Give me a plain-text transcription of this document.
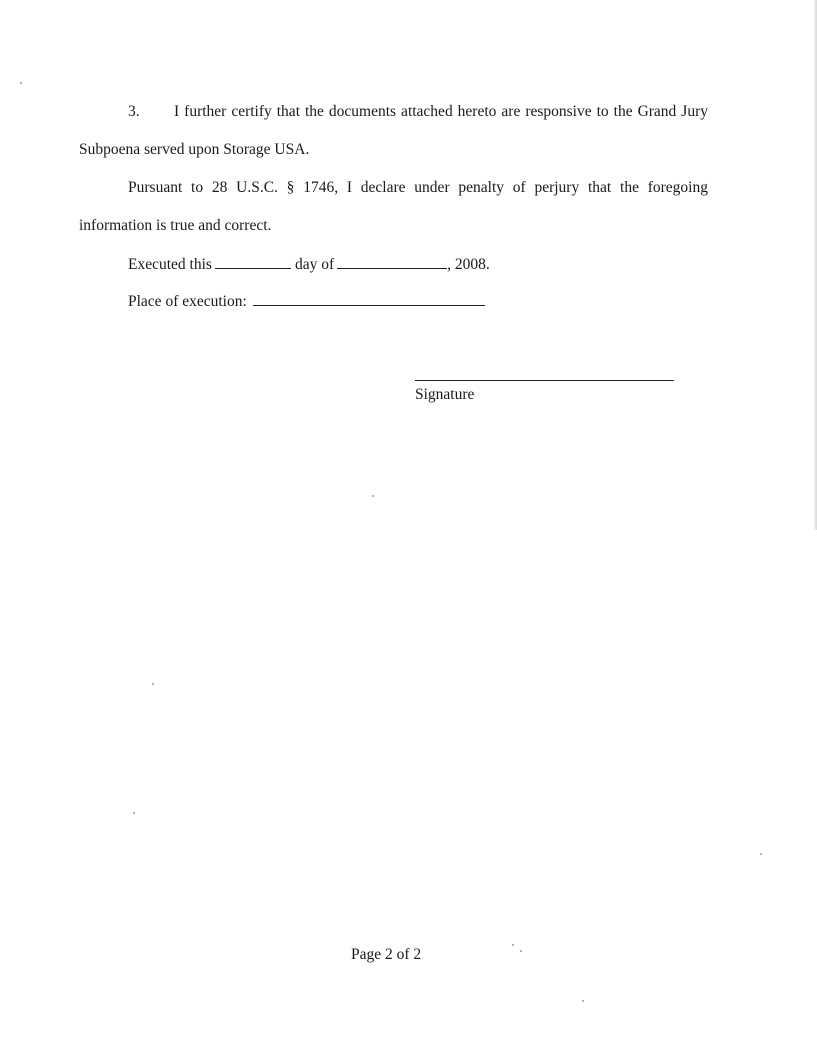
3. I further certify that the documents attached hereto are responsive to the Grand Jury
Subpoena served upon Storage USA.
Pursuant to 28 U.S.C. § 1746, I declare under penalty of perjury that the foregoing
information is true and correct.
Executed this	day of	, 2008.
Place of execution:
Signature
Page 2 of 2
